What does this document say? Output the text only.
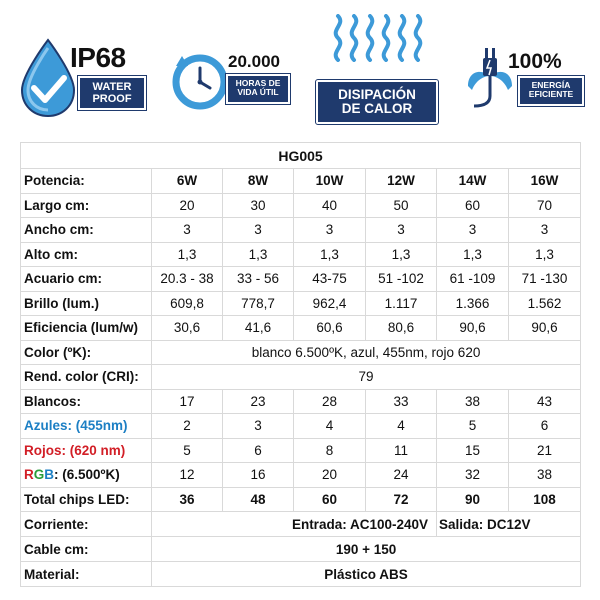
IP68
WATER
PROOF
20.000
HORAS DE
VIDA ÚTIL	DISIPACIÓN
DE CALOR
100%
ENERGÍA
EFICIENTE
HG005						
Potencia:	6W	8W	10W	12W	14W	16W
Largo cm:	20	30	40	50	60	70
Ancho cm:	3	3	3	3	3	3
Alto cm:	1,3	1,3	1,3	1,3	1,3	1,3
Acuario cm:	20.3 - 38	33 - 56	43-75	51 -102	61 -109	71 -130
Brillo (lum.)	609,8	778,7	962,4	1.117	1.366	1.562
Eficiencia (lum/w)	30,6	41,6	60,6	80,6	90,6	90,6
Color (ºK):	blanco 6.500ºK, azul, 455nm, rojo 620					
Rend. color (CRI):	79					
Blancos:	17	23	28	33	38	43
Azules: (455nm)	2	3	4	4	5	6
Rojos: (620 nm)	5	6	8	11	15	21
RGB: (6.500ºK)	12	16	20	24	32	38
Total chips LED:	36	48	60	72	90	108
Corriente:	Entrada: AC100-240V				Salida: DC12V	
Cable cm:	190 + 150					
Material:	Plástico ABS					
